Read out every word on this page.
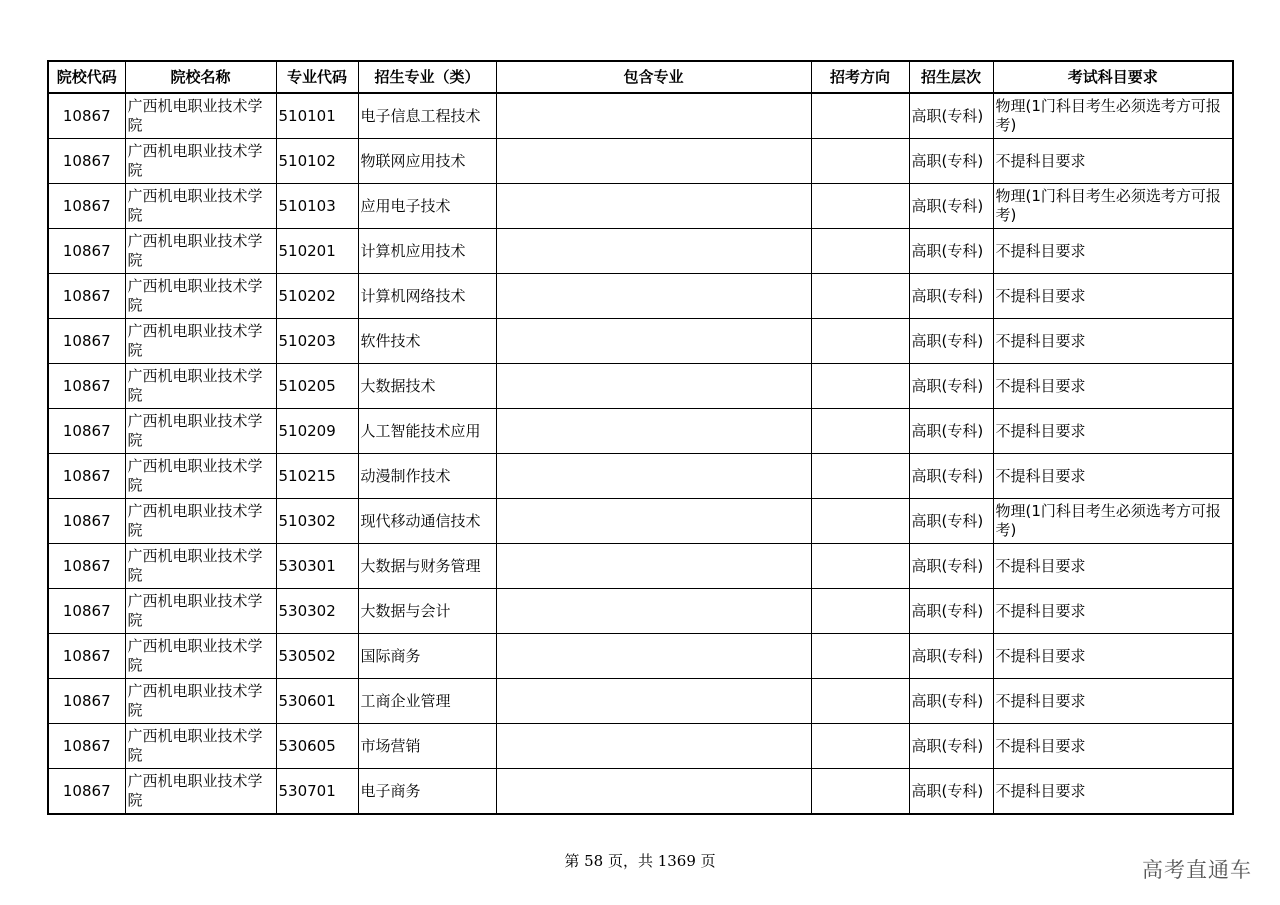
院校代码	院校名称	专业代码	招生专业（类）	包含专业	招考方向	招生层次	考试科目要求
10867	广西机电职业技术学院	510101	电子信息工程技术			高职(专科)	物理(1门科目考生必须选考方可报考)
10867	广西机电职业技术学院	510102	物联网应用技术			高职(专科)	不提科目要求
10867	广西机电职业技术学院	510103	应用电子技术			高职(专科)	物理(1门科目考生必须选考方可报考)
10867	广西机电职业技术学院	510201	计算机应用技术			高职(专科)	不提科目要求
10867	广西机电职业技术学院	510202	计算机网络技术			高职(专科)	不提科目要求
10867	广西机电职业技术学院	510203	软件技术			高职(专科)	不提科目要求
10867	广西机电职业技术学院	510205	大数据技术			高职(专科)	不提科目要求
10867	广西机电职业技术学院	510209	人工智能技术应用			高职(专科)	不提科目要求
10867	广西机电职业技术学院	510215	动漫制作技术			高职(专科)	不提科目要求
10867	广西机电职业技术学院	510302	现代移动通信技术			高职(专科)	物理(1门科目考生必须选考方可报考)
10867	广西机电职业技术学院	530301	大数据与财务管理			高职(专科)	不提科目要求
10867	广西机电职业技术学院	530302	大数据与会计			高职(专科)	不提科目要求
10867	广西机电职业技术学院	530502	国际商务			高职(专科)	不提科目要求
10867	广西机电职业技术学院	530601	工商企业管理			高职(专科)	不提科目要求
10867	广西机电职业技术学院	530605	市场营销			高职(专科)	不提科目要求
10867	广西机电职业技术学院	530701	电子商务			高职(专科)	不提科目要求
第 58 页，共 1369 页	高考直通车
